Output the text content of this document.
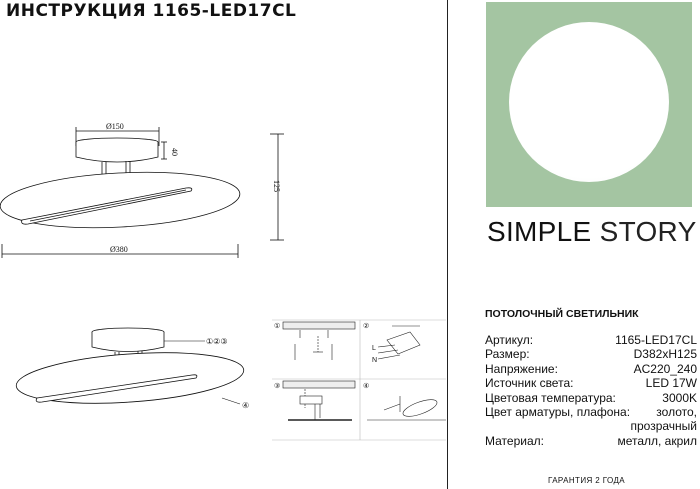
ИНСТРУКЦИЯ 1165-LED17CL
Ø150
40
125
Ø380
①②③
④
①	②
③	④
L
N
SIMPLE STORY
ПОТОЛОЧНЫЙ СВЕТИЛЬНИК
Артикул:	1165-LED17CL
Размер:	D382xH125
Напряжение:	AC220_240
Источник света:	LED 17W
Цветовая температура:	3000K
Цвет арматуры, плафона: золото,
прозрачный
Материал:	металл, акрил
ГАРАНТИЯ 2 ГОДА
